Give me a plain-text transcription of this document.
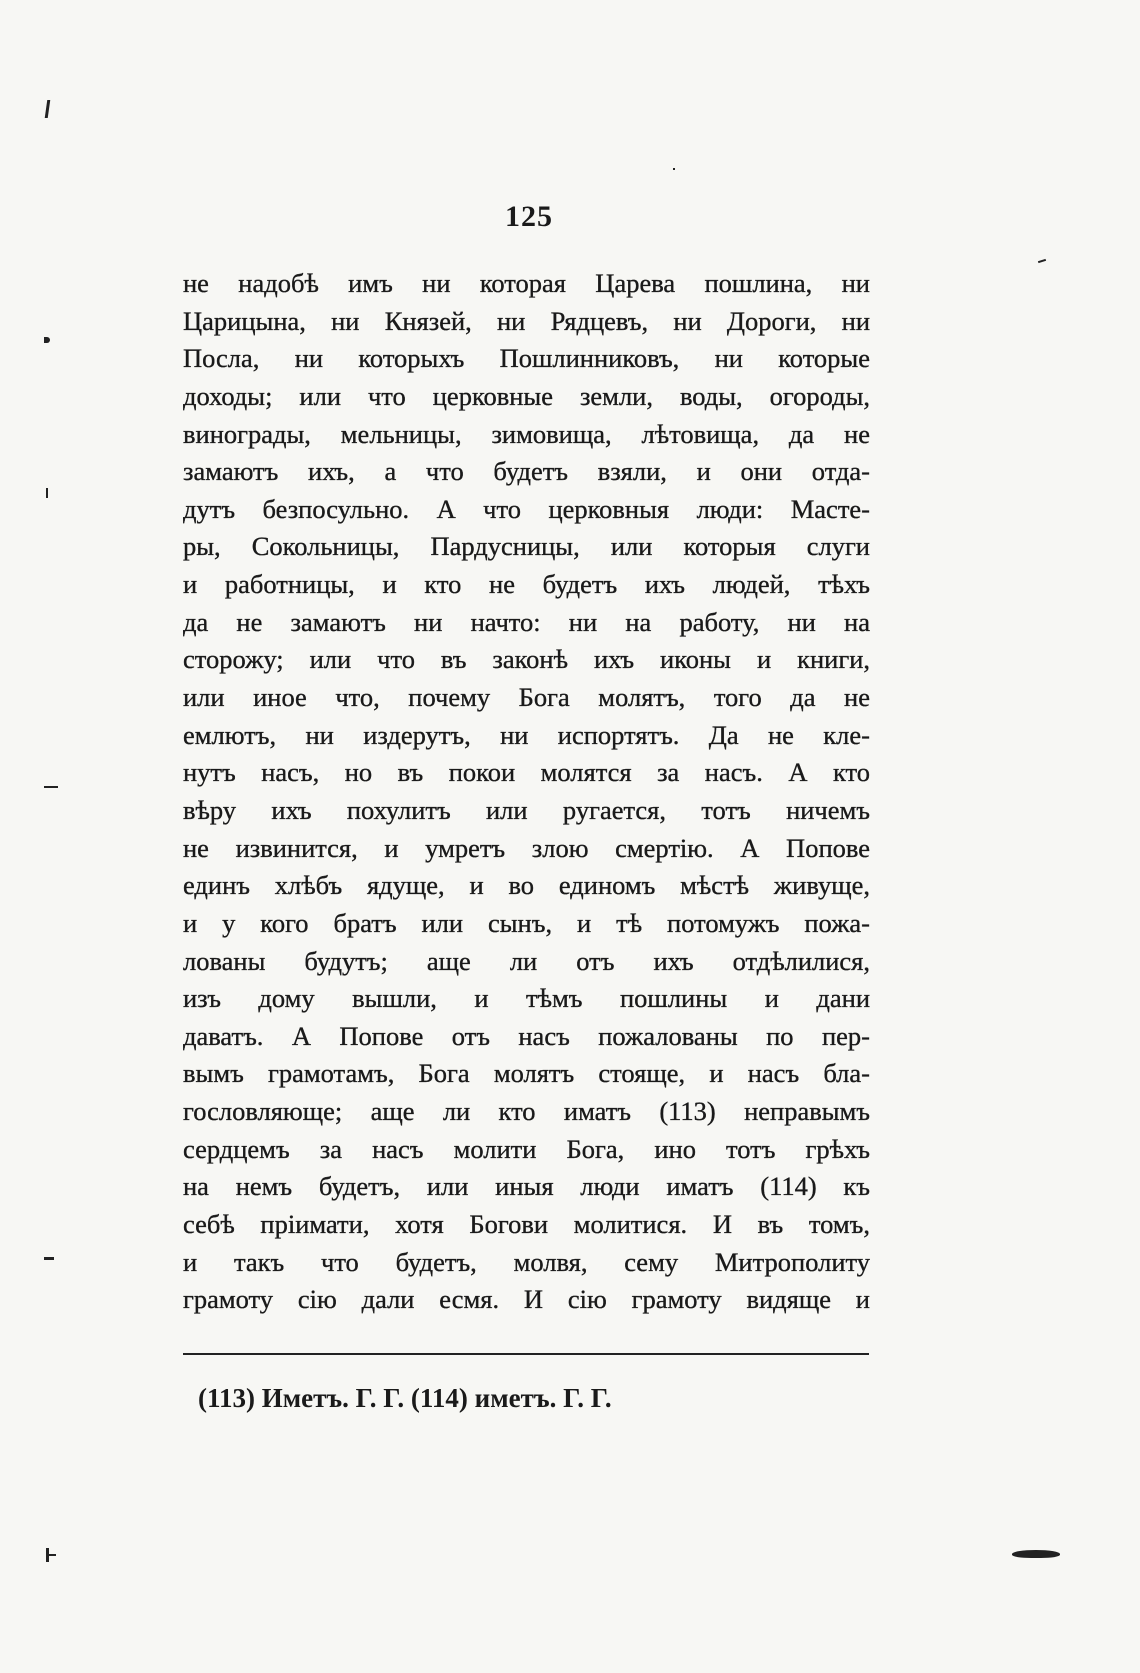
125
не надобѣ имъ ни которая Царева пошлина, ни
Царицына, ни Князей, ни Рядцевъ, ни Дороги, ни
Посла, ни которыхъ Пошлинниковъ, ни которые
доходы; или что церковные земли, воды, огороды,
винограды, мельницы, зимовища, лѣтовища, да не
замаютъ ихъ, а что будетъ взяли, и они отда-
дутъ безпосульно. А что церковныя люди: Масте-
ры, Сокольницы, Пардусницы, или которыя слуги
и работницы, и кто не будетъ ихъ людей, тѣхъ
да не замаютъ ни начто: ни на работу, ни на
сторожу; или что въ законѣ ихъ иконы и книги,
или иное что, почему Бога молятъ, того да не
емлютъ, ни издерутъ, ни испортятъ. Да не кле-
нутъ насъ, но въ покои молятся за насъ. А кто
вѣру ихъ похулитъ или ругается, тотъ ничемъ
не извинится, и умретъ злою смертію. А Попове
единъ хлѣбъ ядуще, и во единомъ мѣстѣ живуще,
и у кого братъ или сынъ, и тѣ потомужъ пожа-
лованы будутъ; аще ли отъ ихъ отдѣлилися,
изъ дому вышли, и тѣмъ пошлины и дани
даватъ. А Попове отъ насъ пожалованы по пер-
вымъ грамотамъ, Бога молятъ стояще, и насъ бла-
гословляюще; аще ли кто иматъ (113) неправымъ
сердцемъ за насъ молити Бога, ино тотъ грѣхъ
на немъ будетъ, или иныя люди иматъ (114) къ
себѣ пріимати, хотя Богови молитися. И въ томъ,
и такъ что будетъ, молвя, сему Митрополиту
грамоту сію дали есмя. И сію грамоту видяще и
(113) Иметъ. Г. Г. (114) иметъ. Г. Г.
